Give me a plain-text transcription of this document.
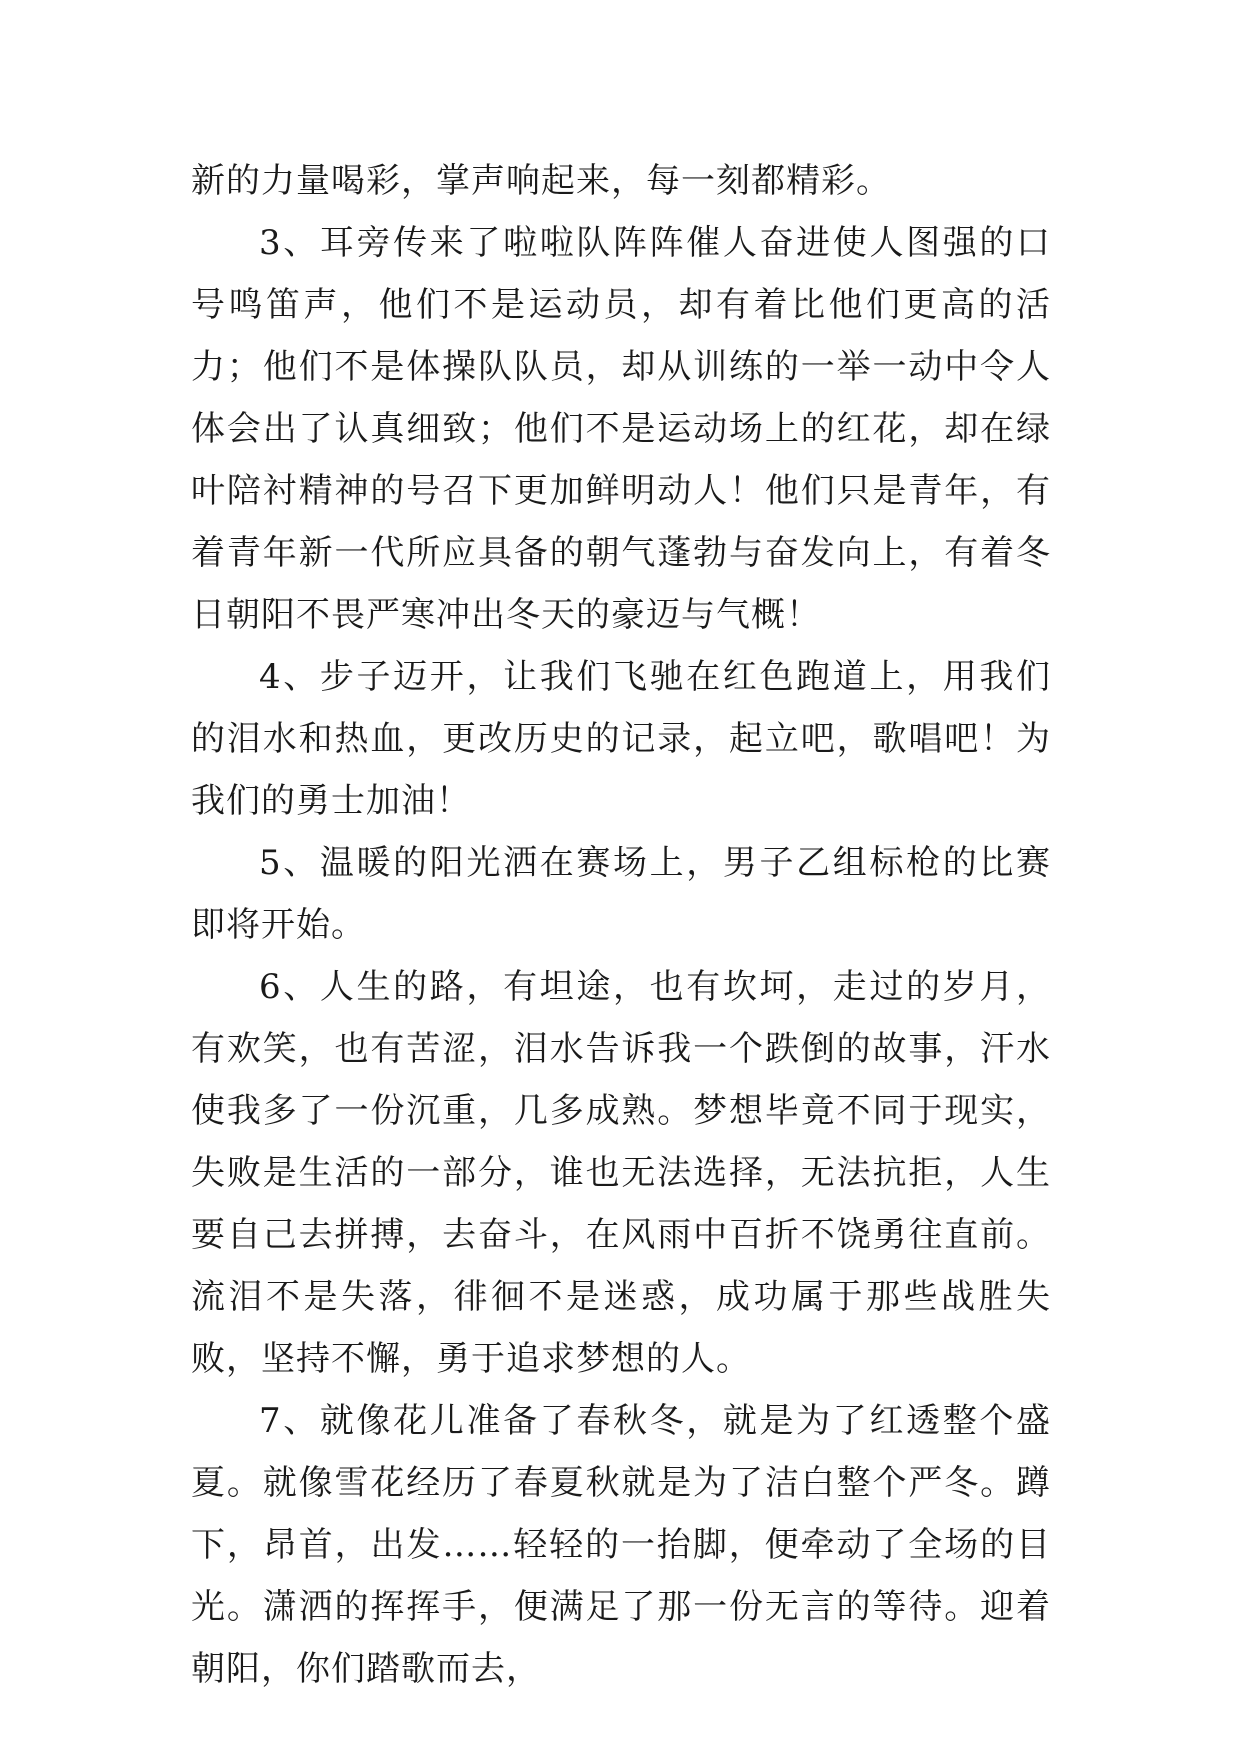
新的力量喝彩，掌声响起来，每一刻都精彩。

3、耳旁传来了啦啦队阵阵催人奋进使人图强的口号鸣笛声，他们不是运动员，却有着比他们更高的活力；他们不是体操队队员，却从训练的一举一动中令人体会出了认真细致；他们不是运动场上的红花，却在绿叶陪衬精神的号召下更加鲜明动人！他们只是青年，有着青年新一代所应具备的朝气蓬勃与奋发向上，有着冬日朝阳不畏严寒冲出冬天的豪迈与气概！

4、步子迈开，让我们飞驰在红色跑道上，用我们的泪水和热血，更改历史的记录，起立吧，歌唱吧！为我们的勇士加油！

5、温暖的阳光洒在赛场上，男子乙组标枪的比赛即将开始。

6、人生的路，有坦途，也有坎坷，走过的岁月，有欢笑，也有苦涩，泪水告诉我一个跌倒的故事，汗水使我多了一份沉重，几多成熟。梦想毕竟不同于现实，失败是生活的一部分，谁也无法选择，无法抗拒，人生要自己去拼搏，去奋斗，在风雨中百折不饶勇往直前。流泪不是失落，徘徊不是迷惑，成功属于那些战胜失败，坚持不懈，勇于追求梦想的人。

7、就像花儿准备了春秋冬，就是为了红透整个盛夏。就像雪花经历了春夏秋就是为了洁白整个严冬。蹲下，昂首，出发……轻轻的一抬脚，便牵动了全场的目光。潇洒的挥挥手，便满足了那一份无言的等待。迎着朝阳，你们踏歌而去，
